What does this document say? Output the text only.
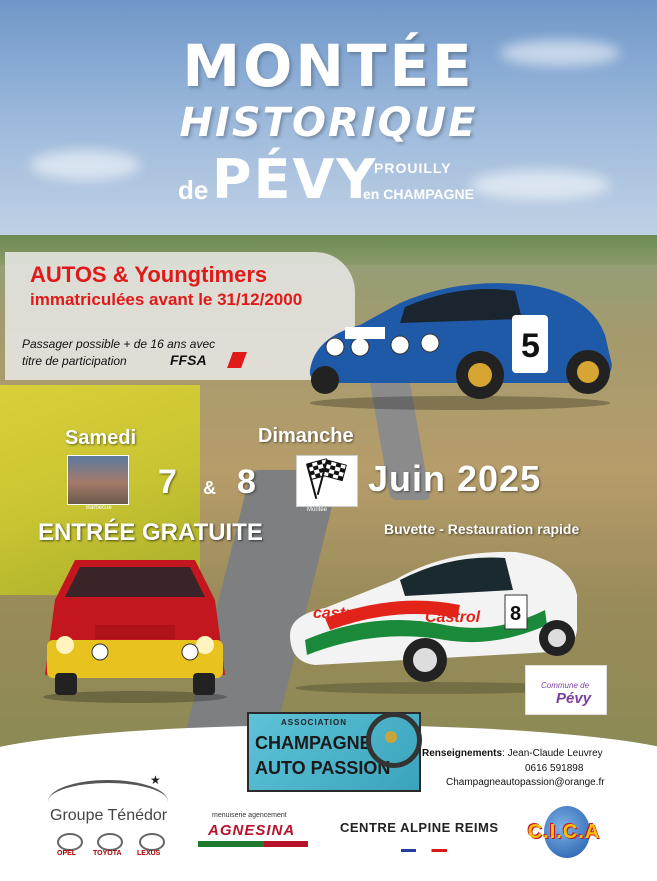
MONTÉE
HISTORIQUE
de PÉVY
PROUILLY
en CHAMPAGNE
AUTOS & Youngtimers
immatriculées avant le 31/12/2000
Passager possible + de 16 ans avec
titre de participation	FFSA	5
Samedi	Dimanche
Barbecue
7 & 8
Montée
Juin 2025
ENTRÉE GRATUITE	Buvette - Restauration rapide
castrol	Castrol 8
Commune de
Pévy
ASSOCIATION
CHAMPAGNE
AUTO PASSION
Renseignements: Jean-Claude Leuvrey
0616 591898
Champagneautopassion@orange.fr
★
Groupe Ténédor
OPEL TOYOTA LEXUS
menuiserie agencement
AGNESINA	CENTRE ALPINE REIMS C.I.C.A
